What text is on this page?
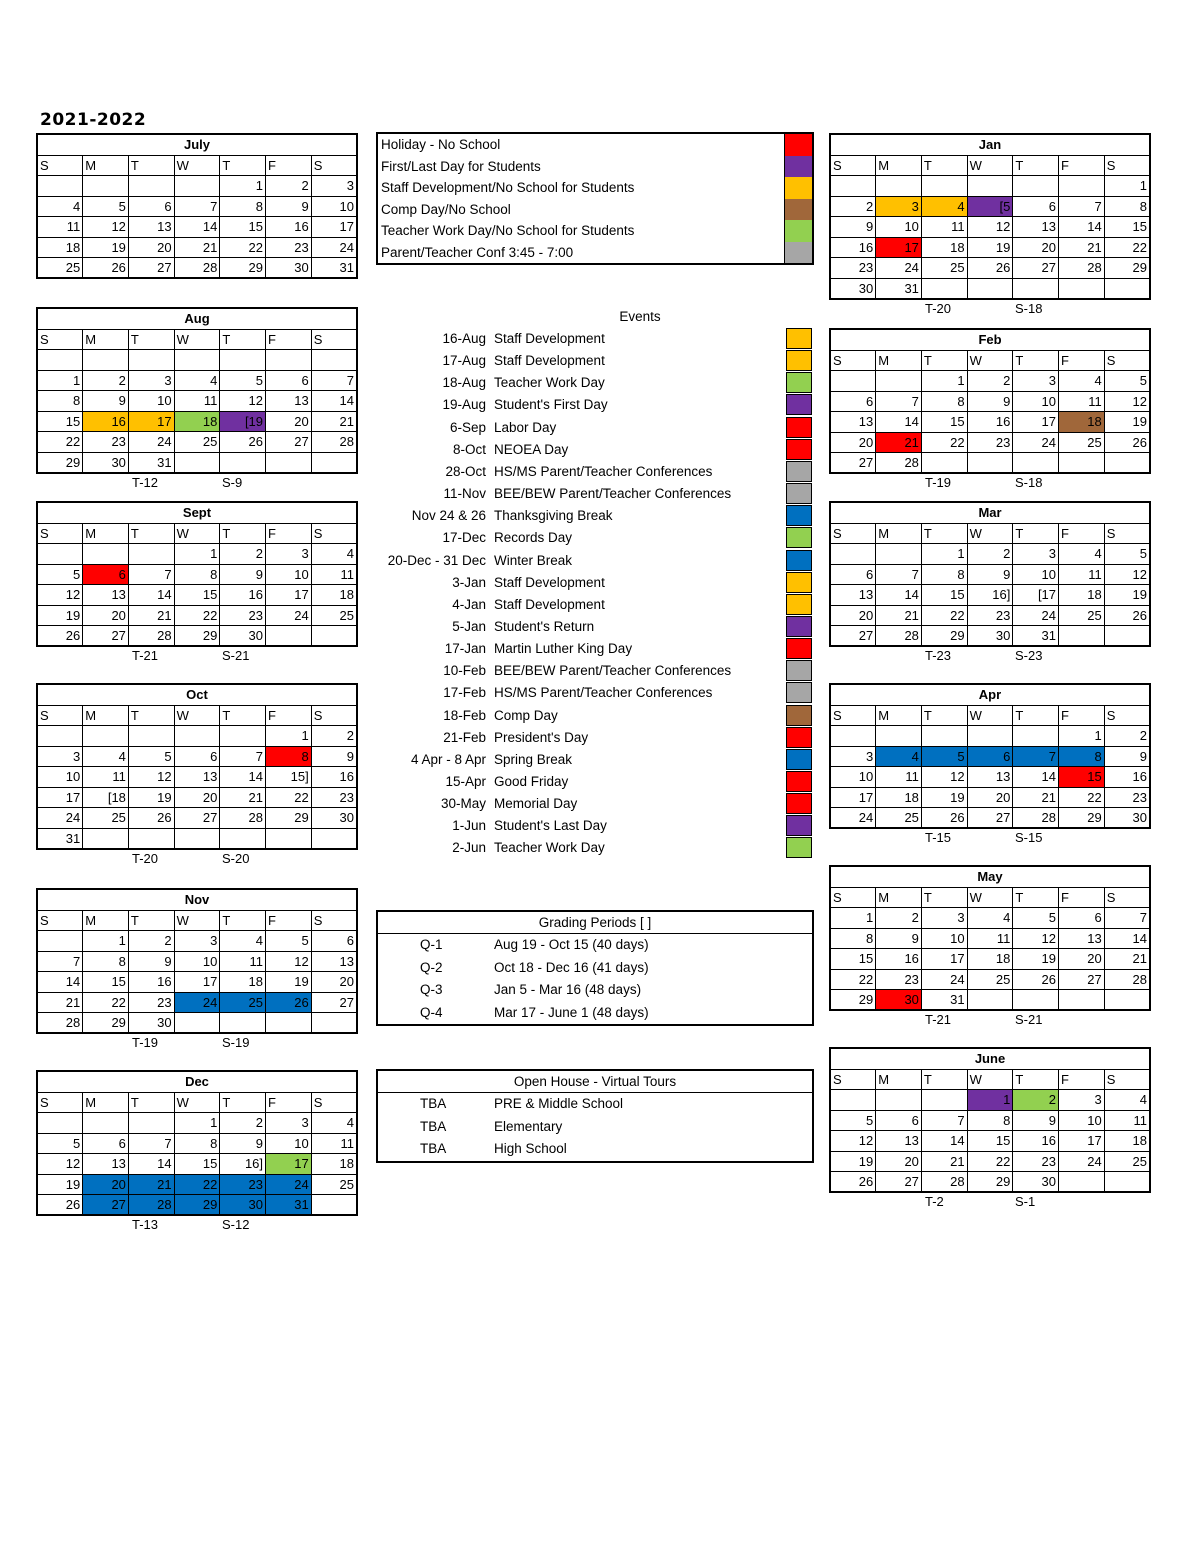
2021-2022
July						
S	M	T	W	T	F	S
				1	2	3
4	5	6	7	8	9	10
11	12	13	14	15	16	17
18	19	20	21	22	23	24
25	26	27	28	29	30	31
Aug						
S	M	T	W	T	F	S

1	2	3	4	5	6	7
8	9	10	11	12	13	14
15	16	17	18	[19	20	21
22	23	24	25	26	27	28
29	30	31				
T-12	S-9
Sept						
S	M	T	W	T	F	S
			1	2	3	4
5	6	7	8	9	10	11
12	13	14	15	16	17	18
19	20	21	22	23	24	25
26	27	28	29	30		
T-21	S-21
Oct						
S	M	T	W	T	F	S
					1	2
3	4	5	6	7	8	9
10	11	12	13	14	15]	16
17	[18	19	20	21	22	23
24	25	26	27	28	29	30
31						
T-20	S-20
Nov						
S	M	T	W	T	F	S
	1	2	3	4	5	6
7	8	9	10	11	12	13
14	15	16	17	18	19	20
21	22	23	24	25	26	27
28	29	30				
T-19	S-19
Dec						
S	M	T	W	T	F	S
			1	2	3	4
5	6	7	8	9	10	11
12	13	14	15	16]	17	18
19	20	21	22	23	24	25
26	27	28	29	30	31	
T-13	S-12
Jan						
S	M	T	W	T	F	S
						1
2	3	4	[5	6	7	8
9	10	11	12	13	14	15
16	17	18	19	20	21	22
23	24	25	26	27	28	29
30	31					
T-20	S-18
Feb						
S	M	T	W	T	F	S
		1	2	3	4	5
6	7	8	9	10	11	12
13	14	15	16	17	18	19
20	21	22	23	24	25	26
27	28					
T-19	S-18
Mar						
S	M	T	W	T	F	S
		1	2	3	4	5
6	7	8	9	10	11	12
13	14	15	16]	[17	18	19
20	21	22	23	24	25	26
27	28	29	30	31		
T-23	S-23
Apr						
S	M	T	W	T	F	S
					1	2
3	4	5	6	7	8	9
10	11	12	13	14	15	16
17	18	19	20	21	22	23
24	25	26	27	28	29	30
T-15	S-15
May						
S	M	T	W	T	F	S
1	2	3	4	5	6	7
8	9	10	11	12	13	14
15	16	17	18	19	20	21
22	23	24	25	26	27	28
29	30	31				
T-21	S-21
June						
S	M	T	W	T	F	S
			1	2	3	4
5	6	7	8	9	10	11
12	13	14	15	16	17	18
19	20	21	22	23	24	25
26	27	28	29	30		
T-2	S-1
Holiday - No School
First/Last Day for Students
Staff Development/No School for Students
Comp Day/No School
Teacher Work Day/No School for Students
Parent/Teacher Conf 3:45 - 7:00
Events
16-Aug Staff Development
17-Aug Staff Development
18-Aug Teacher Work Day
19-Aug Student's First Day
6-Sep Labor Day
8-Oct NEOEA Day
28-Oct HS/MS Parent/Teacher Conferences
11-Nov BEE/BEW Parent/Teacher Conferences
Nov 24 & 26 Thanksgiving Break
17-Dec Records Day
20-Dec - 31 Dec Winter Break
3-Jan Staff Development
4-Jan Staff Development
5-Jan Student's Return
17-Jan Martin Luther King Day
10-Feb BEE/BEW Parent/Teacher Conferences
17-Feb HS/MS Parent/Teacher Conferences
18-Feb Comp Day
21-Feb President's Day
4 Apr - 8 Apr Spring Break
15-Apr Good Friday
30-May Memorial Day
1-Jun Student's Last Day
2-Jun Teacher Work Day
Grading Periods [ ]
Q-1	Aug 19 - Oct 15 (40 days)
Q-2	Oct 18 - Dec 16 (41 days)
Q-3	Jan 5 - Mar 16 (48 days)
Q-4	Mar 17 - June 1 (48 days)
Open House - Virtual Tours
TBA	PRE & Middle School
TBA	Elementary
TBA	High School
